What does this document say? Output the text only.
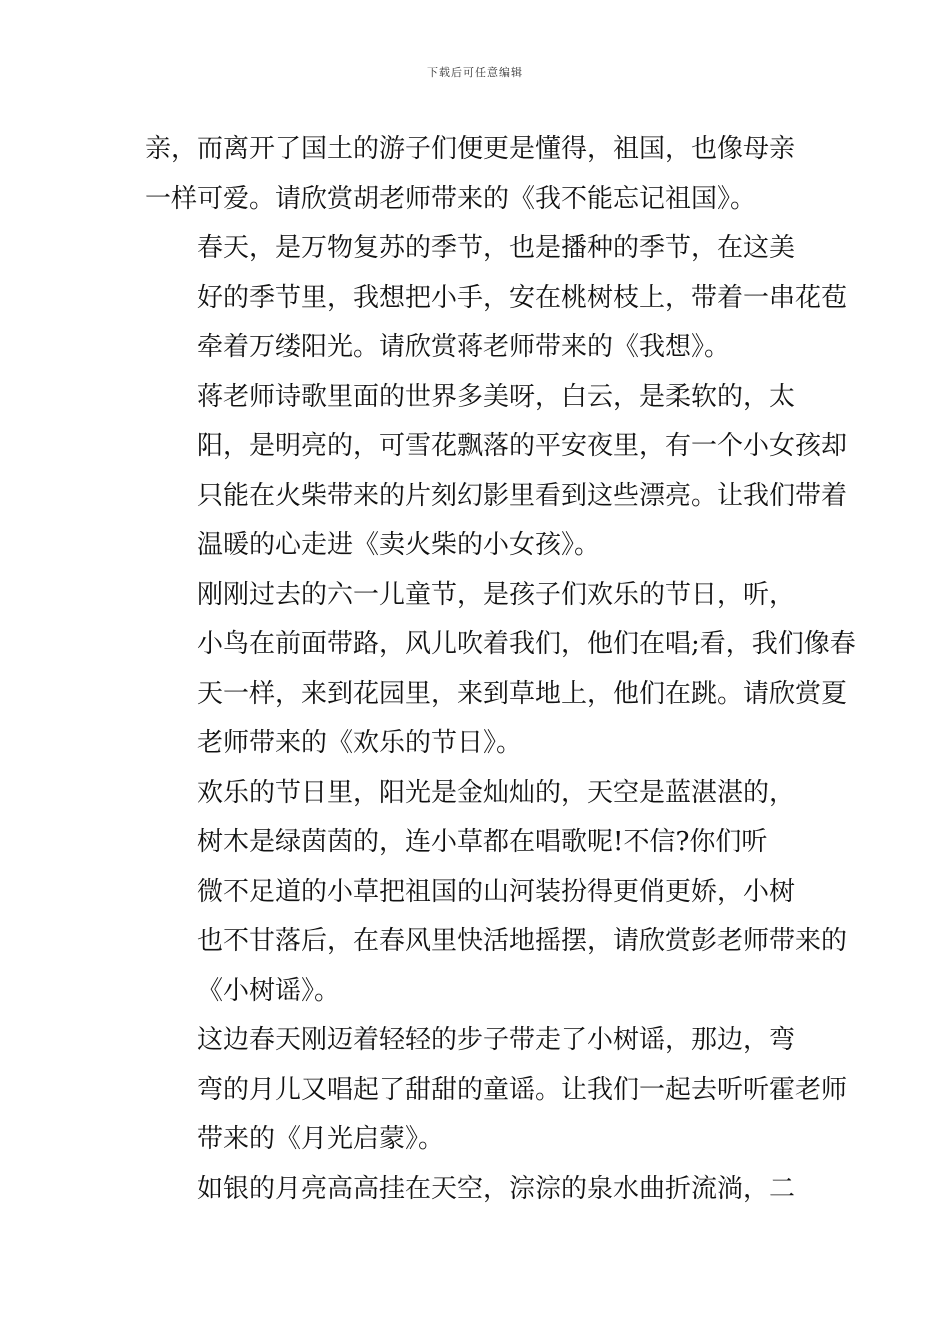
下载后可任意编辑

亲，而离开了国土的游子们便更是懂得，祖国，也像母亲
一样可爱。请欣赏胡老师带来的《我不能忘记祖国》。

春天，是万物复苏的季节，也是播种的季节，在这美
好的季节里，我想把小手，安在桃树枝上，带着一串花苞
牵着万缕阳光。请欣赏蒋老师带来的《我想》。

蒋老师诗歌里面的世界多美呀，白云，是柔软的，太
阳，是明亮的，可雪花飘落的平安夜里，有一个小女孩却
只能在火柴带来的片刻幻影里看到这些漂亮。让我们带着
温暖的心走进《卖火柴的小女孩》。

刚刚过去的六一儿童节，是孩子们欢乐的节日，听，
小鸟在前面带路，风儿吹着我们，他们在唱;看，我们像春
天一样，来到花园里，来到草地上，他们在跳。请欣赏夏
老师带来的《欢乐的节日》。

欢乐的节日里，阳光是金灿灿的，天空是蓝湛湛的，
树木是绿茵茵的，连小草都在唱歌呢!不信?你们听

微不足道的小草把祖国的山河装扮得更俏更娇，小树
也不甘落后，在春风里快活地摇摆，请欣赏彭老师带来的
《小树谣》。

这边春天刚迈着轻轻的步子带走了小树谣，那边，弯
弯的月儿又唱起了甜甜的童谣。让我们一起去听听霍老师
带来的《月光启蒙》。

如银的月亮高高挂在天空，淙淙的泉水曲折流淌，二
